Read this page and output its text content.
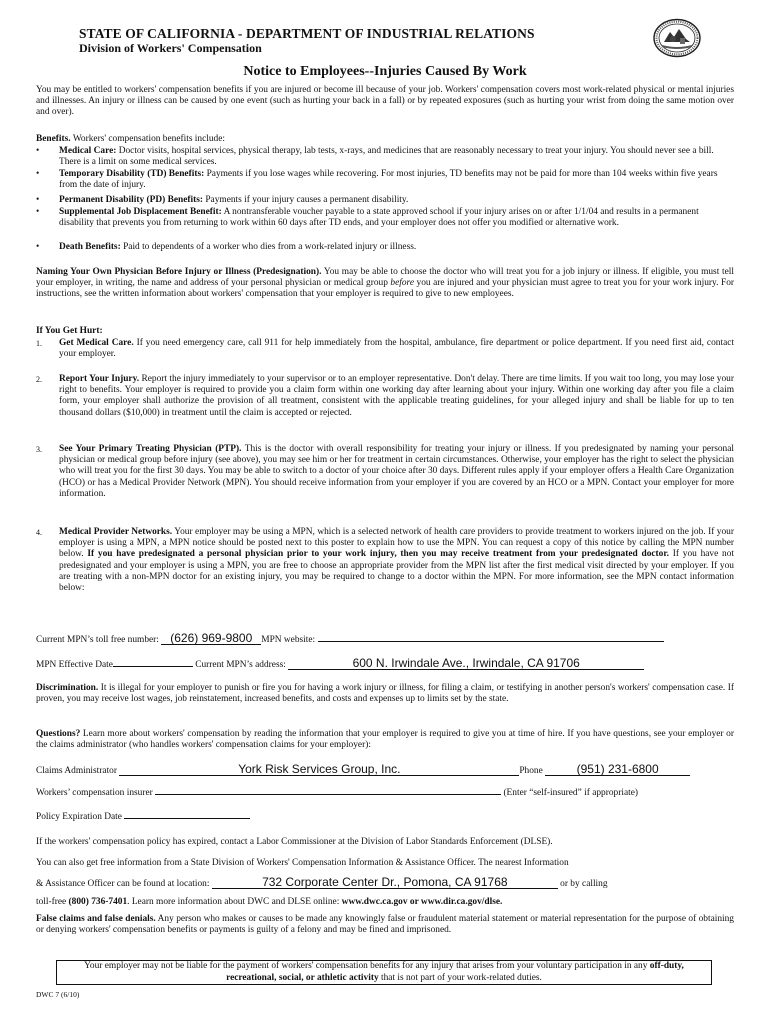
STATE OF CALIFORNIA - DEPARTMENT OF INDUSTRIAL RELATIONS
Division of Workers' Compensation
Notice to Employees--Injuries Caused By Work
You may be entitled to workers' compensation benefits if you are injured or become ill because of your job. Workers' compensation covers most work-related physical or mental injuries and illnesses. An injury or illness can be caused by one event (such as hurting your back in a fall) or by repeated exposures (such as hurting your wrist from doing the same motion over and over).
Benefits. Workers' compensation benefits include:
• Medical Care: Doctor visits, hospital services, physical therapy, lab tests, x-rays, and medicines that are reasonably necessary to treat your injury. You should never see a bill. There is a limit on some medical services.
• Temporary Disability (TD) Benefits: Payments if you lose wages while recovering. For most injuries, TD benefits may not be paid for more than 104 weeks within five years from the date of injury.
• Permanent Disability (PD) Benefits: Payments if your injury causes a permanent disability.
• Supplemental Job Displacement Benefit: A nontransferable voucher payable to a state approved school if your injury arises on or after 1/1/04 and results in a permanent disability that prevents you from returning to work within 60 days after TD ends, and your employer does not offer you modified or alternative work.
• Death Benefits: Paid to dependents of a worker who dies from a work-related injury or illness.
Naming Your Own Physician Before Injury or Illness (Predesignation). You may be able to choose the doctor who will treat you for a job injury or illness. If eligible, you must tell your employer, in writing, the name and address of your personal physician or medical group before you are injured and your physician must agree to treat you for your work injury. For instructions, see the written information about workers' compensation that your employer is required to give to new employees.
If You Get Hurt:
1. Get Medical Care. If you need emergency care, call 911 for help immediately from the hospital, ambulance, fire department or police department. If you need first aid, contact your employer.
2. Report Your Injury. Report the injury immediately to your supervisor or to an employer representative. Don't delay. There are time limits. If you wait too long, you may lose your right to benefits. Your employer is required to provide you a claim form within one working day after learning about your injury. Within one working day after you file a claim form, your employer shall authorize the provision of all treatment, consistent with the applicable treating guidelines, for your alleged injury and shall be liable for up to ten thousand dollars ($10,000) in treatment until the claim is accepted or rejected.
3. See Your Primary Treating Physician (PTP). This is the doctor with overall responsibility for treating your injury or illness. If you predesignated by naming your personal physician or medical group before injury (see above), you may see him or her for treatment in certain circumstances. Otherwise, your employer has the right to select the physician who will treat you for the first 30 days. You may be able to switch to a doctor of your choice after 30 days. Different rules apply if your employer offers a Health Care Organization (HCO) or has a Medical Provider Network (MPN). You should receive information from your employer if you are covered by an HCO or a MPN. Contact your employer for more information.
4. Medical Provider Networks. Your employer may be using a MPN, which is a selected network of health care providers to provide treatment to workers injured on the job. If your employer is using a MPN, a MPN notice should be posted next to this poster to explain how to use the MPN. You can request a copy of this notice by calling the MPN number below. If you have predesignated a personal physician prior to your work injury, then you may receive treatment from your predesignated doctor. If you have not predesignated and your employer is using a MPN, you are free to choose an appropriate provider from the MPN list after the first medical visit directed by your employer. If you are treating with a non-MPN doctor for an existing injury, you may be required to change to a doctor within the MPN. For more information, see the MPN contact information below:
Current MPN’s toll free number: (626) 969-9800 MPN website:
MPN Effective Date	Current MPN’s address:	600 N. Irwindale Ave., Irwindale, CA 91706
Discrimination. It is illegal for your employer to punish or fire you for having a work injury or illness, for filing a claim, or testifying in another person's workers' compensation case. If proven, you may receive lost wages, job reinstatement, increased benefits, and costs and expenses up to limits set by the state.
Questions? Learn more about workers' compensation by reading the information that your employer is required to give you at time of hire. If you have questions, see your employer or the claims administrator (who handles workers' compensation claims for your employer):
Claims Administrator	York Risk Services Group, Inc.	Phone	(951) 231-6800
Workers’ compensation insurer	(Enter “self-insured” if appropriate)
Policy Expiration Date
If the workers' compensation policy has expired, contact a Labor Commissioner at the Division of Labor Standards Enforcement (DLSE).
You can also get free information from a State Division of Workers' Compensation Information & Assistance Officer. The nearest Information
& Assistance Officer can be found at location:	732 Corporate Center Dr., Pomona, CA 91768	or by calling
toll-free (800) 736-7401. Learn more information about DWC and DLSE online: www.dwc.ca.gov or www.dir.ca.gov/dlse.
False claims and false denials. Any person who makes or causes to be made any knowingly false or fraudulent material statement or material representation for the purpose of obtaining or denying workers' compensation benefits or payments is guilty of a felony and may be fined and imprisoned.
Your employer may not be liable for the payment of workers' compensation benefits for any injury that arises from your voluntary participation in any off-duty, recreational, social, or athletic activity that is not part of your work-related duties.
DWC 7 (6/10)
